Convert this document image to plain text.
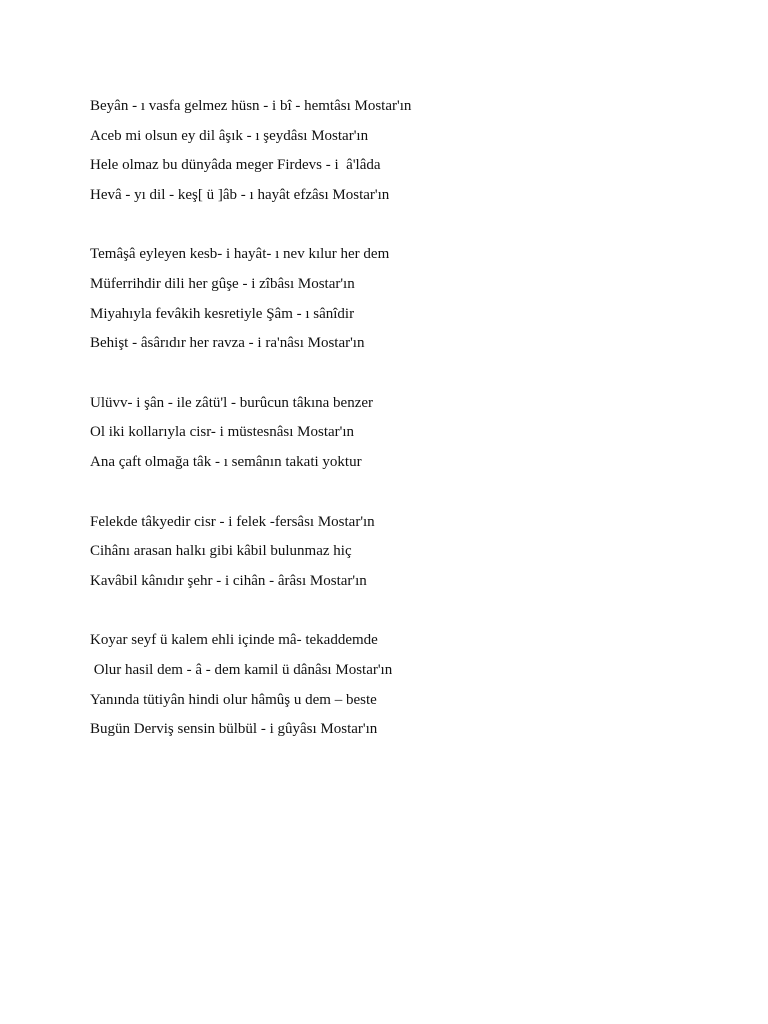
Beyân - ı vasfa gelmez hüsn - i bî - hemtâsı Mostar'ın
Aceb mi olsun ey dil âşık - ı şeydâsı Mostar'ın
Hele olmaz bu dünyâda meger Firdevs - i  â'lâda
Hevâ - yı dil - keş[ ü ]âb - ı hayât efzâsı Mostar'ın
Temâşâ eyleyen kesb- i hayât- ı nev kılur her dem
Müferrihdir dili her gûşe - i zîbâsı Mostar'ın
Miyahıyla fevâkih kesretiyle Şâm - ı sânîdir
Behişt - âsârıdır her ravza - i ra'nâsı Mostar'ın
Ulüvv- i şân - ile zâtü'l - burûcun tâkına benzer
Ol iki kollarıyla cisr- i müstesnâsı Mostar'ın
Ana çaft olmağa tâk - ı semânın takati yoktur
Felekde tâkyedir cisr - i felek -fersâsı Mostar'ın
Cihânı arasan halkı gibi kâbil bulunmaz hiç
Kavâbil kânıdır şehr - i cihân - ârâsı Mostar'ın
Koyar seyf ü kalem ehli içinde mâ- tekaddemde
Olur hasil dem - â - dem kamil ü dânâsı Mostar'ın
Yanında tütiyân hindi olur hâmûş u dem – beste
Bugün Derviş sensin bülbül - i gûyâsı Mostar'ın
